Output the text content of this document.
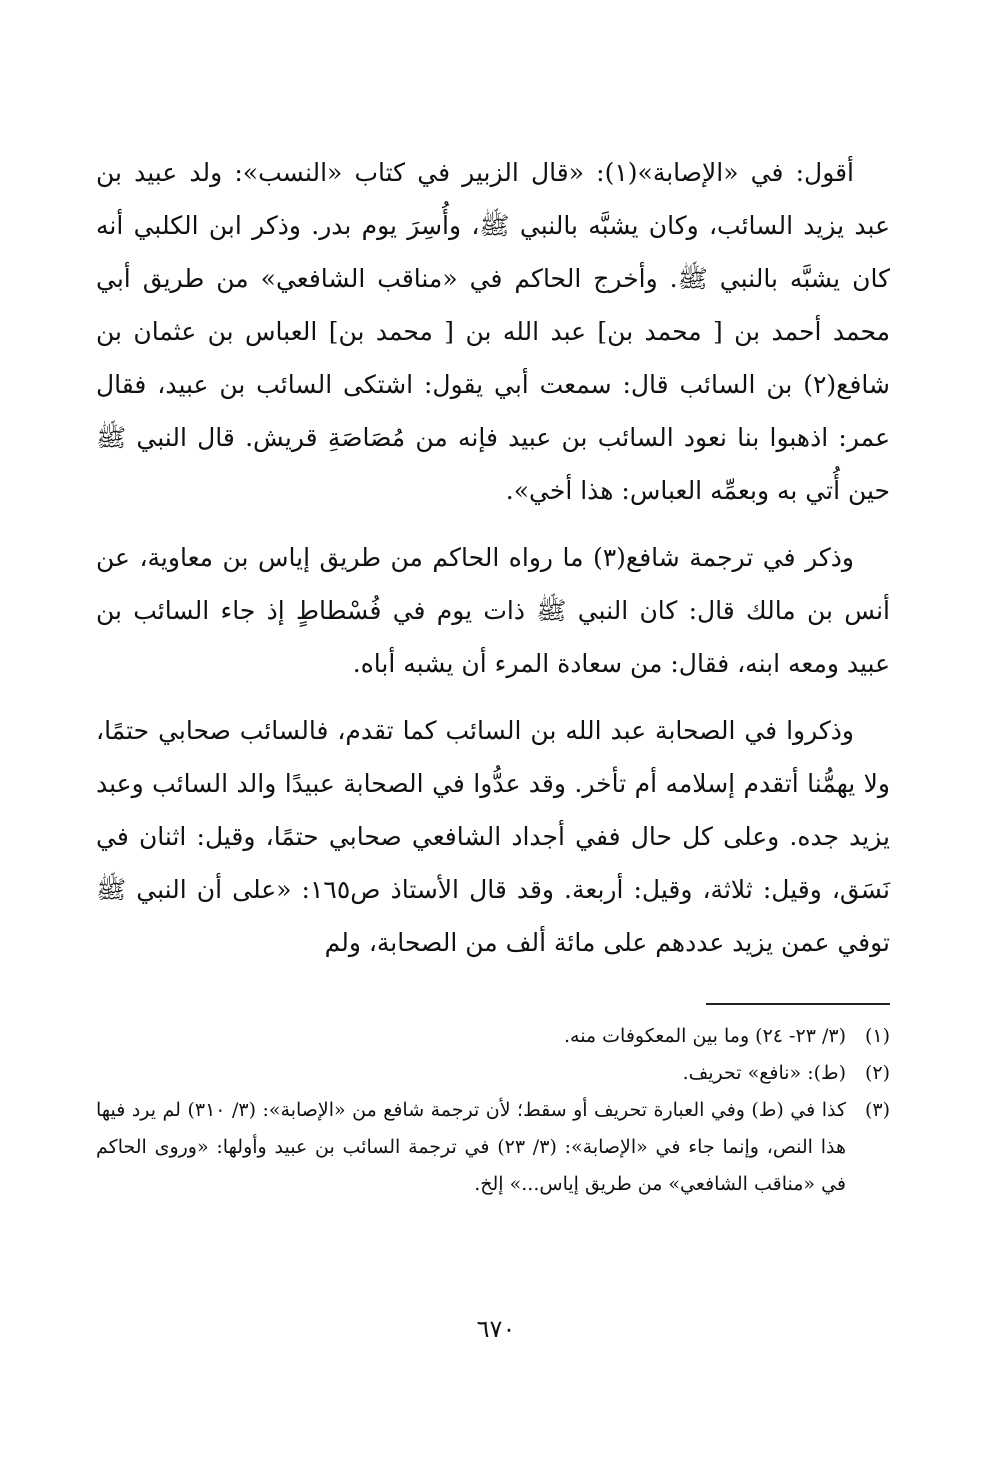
أقول: في «الإصابة»(١): «قال الزبير في كتاب «النسب»: ولد عبيد بن عبد يزيد السائب، وكان يشبَّه بالنبي ﷺ، وأُسِرَ يوم بدر. وذكر ابن الكلبي أنه كان يشبَّه بالنبي ﷺ. وأخرج الحاكم في «مناقب الشافعي» من طريق أبي محمد أحمد بن [ محمد بن] عبد الله بن [ محمد بن] العباس بن عثمان بن شافع(٢) بن السائب قال: سمعت أبي يقول: اشتكى السائب بن عبيد، فقال عمر: اذهبوا بنا نعود السائب بن عبيد فإنه من مُصَاصَةِ قريش. قال النبي ﷺ حين أُتي به وبعمِّه العباس: هذا أخي».

وذكر في ترجمة شافع(٣) ما رواه الحاكم من طريق إياس بن معاوية، عن أنس بن مالك قال: كان النبي ﷺ ذات يوم في فُسْطاطٍ إذ جاء السائب بن عبيد ومعه ابنه، فقال: من سعادة المرء أن يشبه أباه.

وذكروا في الصحابة عبد الله بن السائب كما تقدم، فالسائب صحابي حتمًا، ولا يهمُّنا أتقدم إسلامه أم تأخر. وقد عدُّوا في الصحابة عبيدًا والد السائب وعبد يزيد جده. وعلى كل حال ففي أجداد الشافعي صحابي حتمًا، وقيل: اثنان في نَسَق، وقيل: ثلاثة، وقيل: أربعة. وقد قال الأستاذ ص١٦٥: «على أن النبي ﷺ توفي عمن يزيد عددهم على مائة ألف من الصحابة، ولم

(١)
(٣/ ٢٣- ٢٤) وما بين المعكوفات منه.
(٢)
(ط): «نافع» تحريف.
(٣)
كذا في (ط) وفي العبارة تحريف أو سقط؛ لأن ترجمة شافع من «الإصابة»: (٣/ ٣١٠) لم يرد فيها هذا النص، وإنما جاء في «الإصابة»: (٣/ ٢٣) في ترجمة السائب بن عبيد وأولها: «وروى الحاكم في «مناقب الشافعي» من طريق إياس...» إلخ.
٦٧٠
